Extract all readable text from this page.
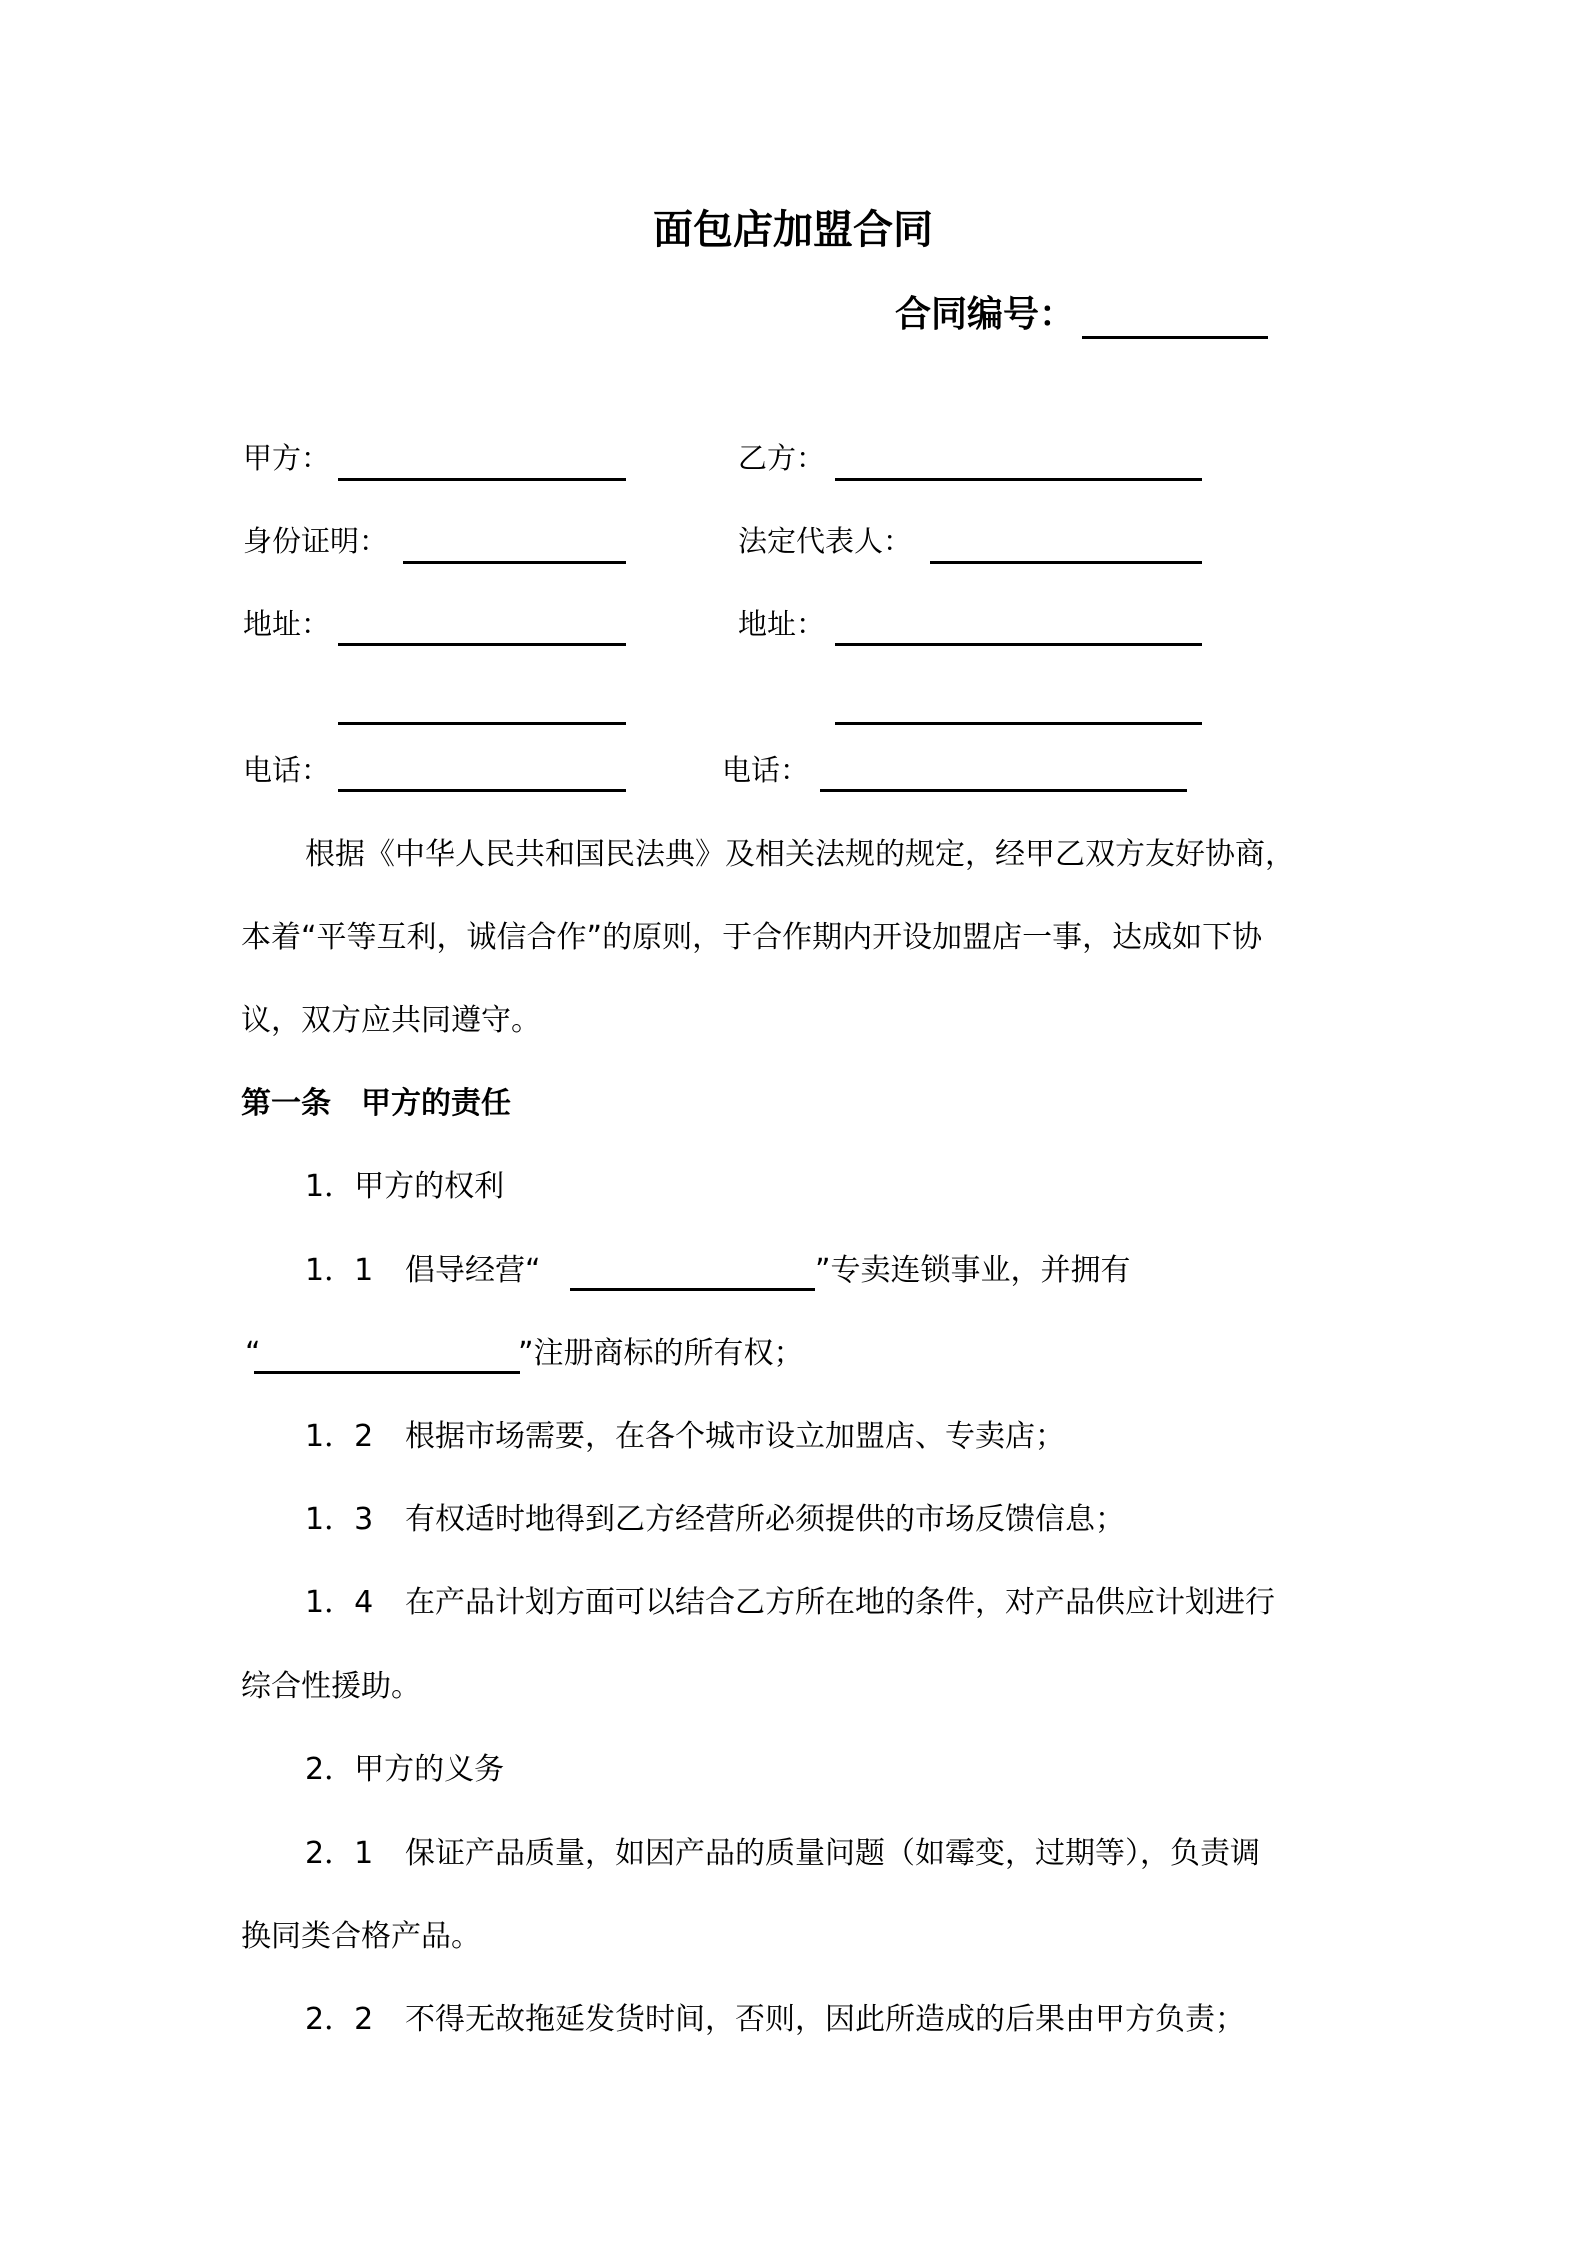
面包店加盟合同
合同编号：
甲方：
身份证明：
地址：
电话：
乙方：
法定代表人：
地址：
电话：
根据《中华人民共和国民法典》及相关法规的规定，经甲乙双方友好协商，
本着“平等互利，诚信合作”的原则，于合作期内开设加盟店一事，达成如下协
议，双方应共同遵守。
第一条　甲方的责任
1．甲方的权利
1．1 倡导经营“	”专卖连锁事业，并拥有
“	”注册商标的所有权；
1．2 根据市场需要，在各个城市设立加盟店、专卖店；
1．3 有权适时地得到乙方经营所必须提供的市场反馈信息；
1．4 在产品计划方面可以结合乙方所在地的条件，对产品供应计划进行
综合性援助。
2．甲方的义务
2．1 保证产品质量，如因产品的质量问题（如霉变，过期等），负责调
换同类合格产品。
2．2 不得无故拖延发货时间，否则，因此所造成的后果由甲方负责；
